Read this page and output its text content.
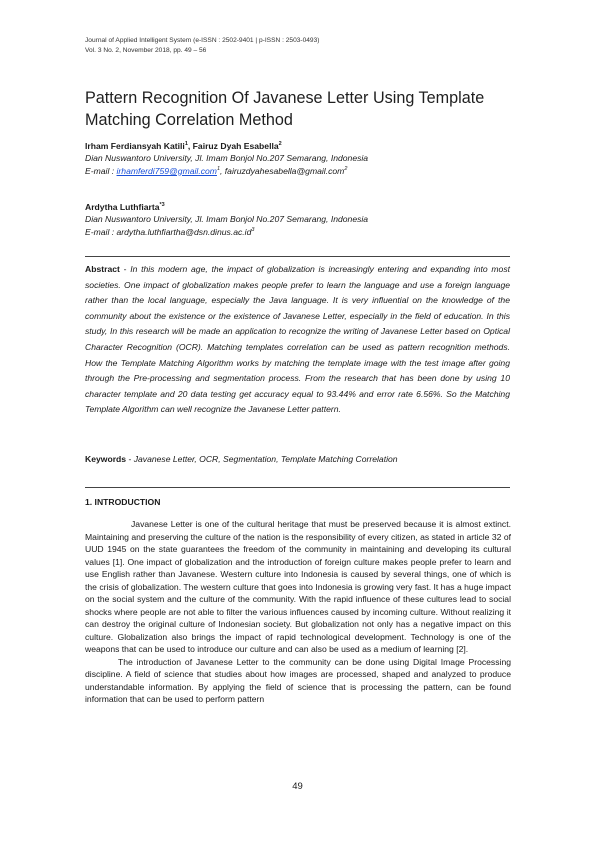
Journal of Applied Intelligent System (e-ISSN : 2502-9401 | p-ISSN : 2503-0493)
Vol. 3 No. 2, November 2018, pp. 49 – 56
Pattern Recognition Of Javanese Letter Using Template Matching Correlation Method
Irham Ferdiansyah Katili$^1$, Fairuz Dyah Esabella$^2$
Dian Nuswantoro University, Jl. Imam Bonjol No.207 Semarang, Indonesia
E-mail : irhamferdi759@gmail.com$^1$, fairuzdyahesabella@gmail.com$^2$
Ardytha Luthfiarta$^{*3}$
Dian Nuswantoro University, Jl. Imam Bonjol No.207 Semarang, Indonesia
E-mail : $ardytha.luthfiartha@dsn.dinus.ac.id^3$
Abstract - In this modern age, the impact of globalization is increasingly entering and expanding into most societies. One impact of globalization makes people prefer to learn the language and use a foreign language rather than the local language, especially the Java language. It is very influential on the knowledge of the community about the existence or the existence of Javanese Letter, especially in the field of education. In this study, In this research will be made an application to recognize the writing of Javanese Letter based on Optical Character Recognition (OCR). Matching templates correlation can be used as pattern recognition methods. How the Template Matching Algorithm works by matching the template image with the test image after going through the Pre-processing and segmentation process. From the research that has been done by using 10 character template and 20 data testing get accuracy equal to 93.44% and error rate 6.56%. So the Matching Template Algorithm can well recognize the Javanese Letter pattern.
Keywords - Javanese Letter, OCR, Segmentation, Template Matching Correlation
1. INTRODUCTION

Javanese Letter is one of the cultural heritage that must be preserved because it is almost extinct. Maintaining and preserving the culture of the nation is the responsibility of every citizen, as stated in article 32 of UUD 1945 on the state guarantees the freedom of the community in maintaining and developing its cultural values [1]. One impact of globalization and the introduction of foreign culture makes people prefer to learn and use English rather than Javanese. Western culture into Indonesia is caused by several things, one of which is the crisis of globalization. The western culture that goes into Indonesia is growing very fast. It has a huge impact on the social system and the culture of the community. With the rapid influence of these cultures lead to social shocks where people are not able to filter the various influences caused by incoming culture. Without realizing it can destroy the original culture of Indonesian society. But globalization not only has a negative impact on this culture. Globalization also brings the impact of rapid technological development. Technology is one of the weapons that can be used to introduce our culture and can also be used as a medium of learning [2].

The introduction of Javanese Letter to the community can be done using Digital Image Processing discipline. A field of science that studies about how images are processed, shaped and analyzed to produce understandable information. By applying the field of science that is processing the pattern, can be found information that can be used to perform pattern

49
